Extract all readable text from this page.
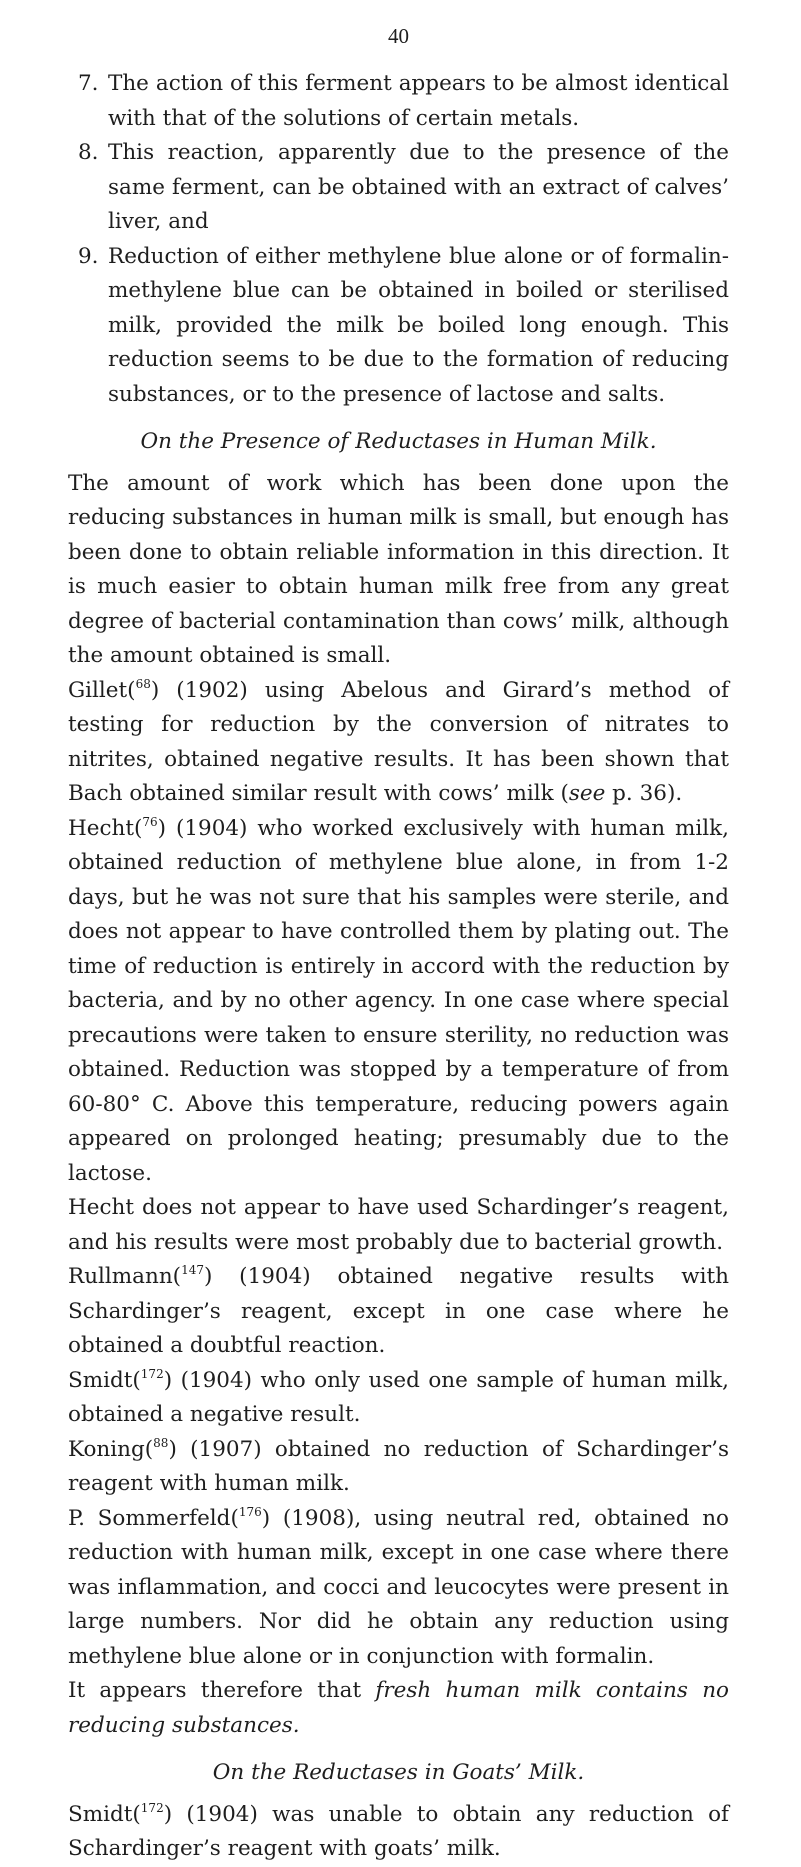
40

7. The action of this ferment appears to be almost identical with that of the solutions of certain metals.

8. This reaction, apparently due to the presence of the same ferment, can be obtained with an extract of calves’ liver, and

9. Reduction of either methylene blue alone or of formalin-methylene blue can be obtained in boiled or sterilised milk, provided the milk be boiled long enough. This reduction seems to be due to the formation of reducing substances, or to the presence of lactose and salts.

On the Presence of Reductases in Human Milk.

The amount of work which has been done upon the reducing substances in human milk is small, but enough has been done to obtain reliable information in this direction. It is much easier to obtain human milk free from any great degree of bacterial contamination than cows’ milk, although the amount obtained is small.

Gillet($^{68}$) (1902) using Abelous and Girard’s method of testing for reduction by the conversion of nitrates to nitrites, obtained negative results. It has been shown that Bach obtained similar result with cows’ milk (see p. 36).

Hecht($^{76}$) (1904) who worked exclusively with human milk, obtained reduction of methylene blue alone, in from 1-2 days, but he was not sure that his samples were sterile, and does not appear to have controlled them by plating out. The time of reduction is entirely in accord with the reduction by bacteria, and by no other agency. In one case where special precautions were taken to ensure sterility, no reduction was obtained. Reduction was stopped by a temperature of from 60-80° C. Above this temperature, reducing powers again appeared on prolonged heating; presumably due to the lactose.

Hecht does not appear to have used Schardinger’s reagent, and his results were most probably due to bacterial growth.

Rullmann($^{147}$) (1904) obtained negative results with Schardinger’s reagent, except in one case where he obtained a doubtful reaction.

Smidt($^{172}$) (1904) who only used one sample of human milk, obtained a negative result.

Koning($^{88}$) (1907) obtained no reduction of Schardinger’s reagent with human milk.

P. Sommerfeld($^{176}$) (1908), using neutral red, obtained no reduction with human milk, except in one case where there was inflammation, and cocci and leucocytes were present in large numbers. Nor did he obtain any reduction using methylene blue alone or in conjunction with formalin.

It appears therefore that fresh human milk contains no reducing substances.

On the Reductases in Goats’ Milk.

Smidt($^{172}$) (1904) was unable to obtain any reduction of Schardinger’s reagent with goats’ milk.
